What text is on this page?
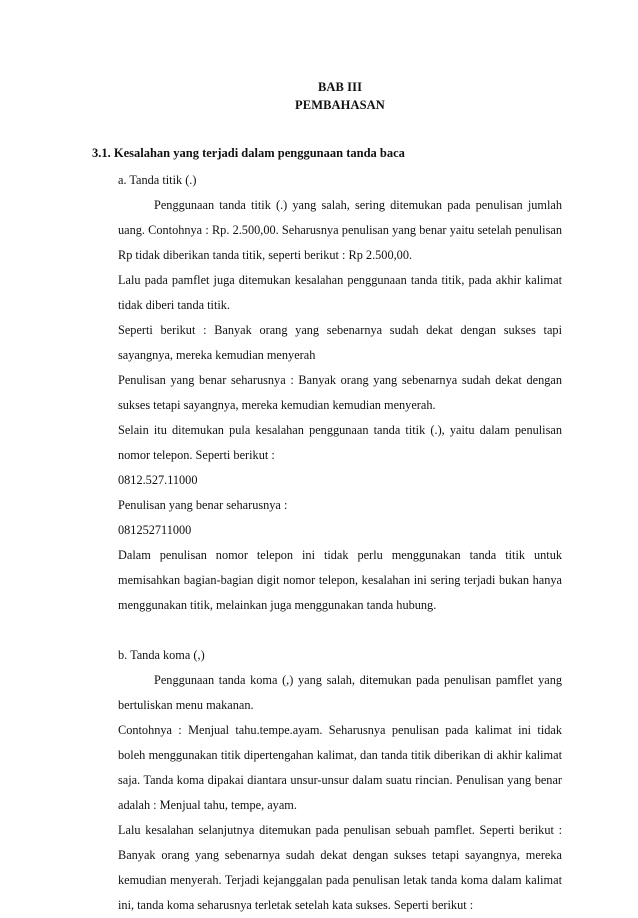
BAB III
PEMBAHASAN
3.1. Kesalahan yang terjadi dalam penggunaan tanda baca

a. Tanda titik (.)

Penggunaan tanda titik (.) yang salah, sering ditemukan pada penulisan jumlah uang. Contohnya : Rp. 2.500,00. Seharusnya penulisan yang benar yaitu setelah penulisan Rp tidak diberikan tanda titik, seperti berikut : Rp 2.500,00.

Lalu pada pamflet juga ditemukan kesalahan penggunaan tanda titik, pada akhir kalimat tidak diberi tanda titik.

Seperti berikut : Banyak orang yang sebenarnya sudah dekat dengan sukses tapi sayangnya, mereka kemudian menyerah

Penulisan yang benar seharusnya : Banyak orang yang sebenarnya sudah dekat dengan sukses tetapi sayangnya, mereka kemudian kemudian menyerah.

Selain itu ditemukan pula kesalahan penggunaan tanda titik (.), yaitu dalam penulisan nomor telepon. Seperti berikut :

0812.527.11000

Penulisan yang benar seharusnya :

081252711000

Dalam penulisan nomor telepon ini tidak perlu menggunakan tanda titik untuk memisahkan bagian-bagian digit nomor telepon, kesalahan ini sering terjadi bukan hanya menggunakan titik, melainkan juga menggunakan tanda hubung.

b. Tanda koma (,)

Penggunaan tanda koma (,) yang salah, ditemukan pada penulisan pamflet yang bertuliskan menu makanan.

Contohnya : Menjual tahu.tempe.ayam. Seharusnya penulisan pada kalimat ini tidak boleh menggunakan titik dipertengahan kalimat, dan tanda titik diberikan di akhir kalimat saja. Tanda koma dipakai diantara unsur-unsur dalam suatu rincian. Penulisan yang benar adalah : Menjual tahu, tempe, ayam.

Lalu kesalahan selanjutnya ditemukan pada penulisan sebuah pamflet. Seperti berikut : Banyak orang yang sebenarnya sudah dekat dengan sukses tetapi sayangnya, mereka kemudian menyerah. Terjadi kejanggalan pada penulisan letak tanda koma dalam kalimat ini, tanda koma seharusnya terletak setelah kata sukses. Seperti berikut :
